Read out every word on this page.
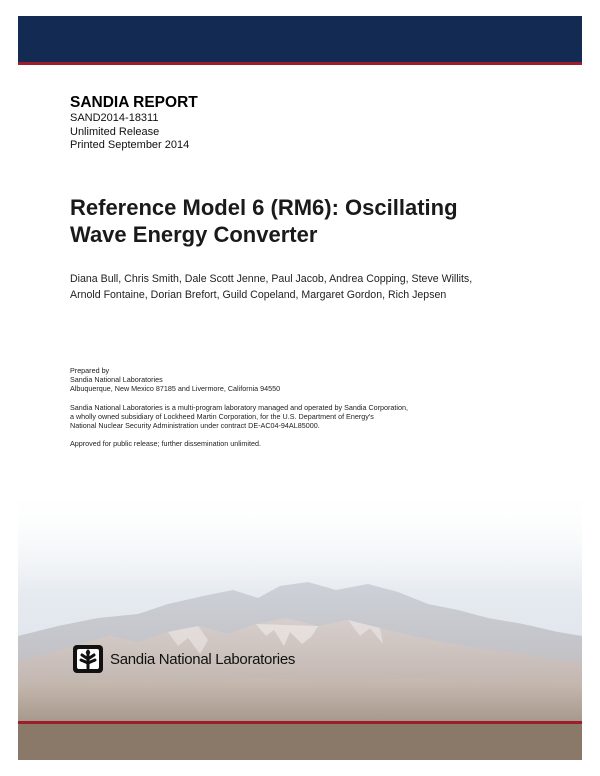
SANDIA REPORT
SAND2014-18311
Unlimited Release
Printed September 2014
Reference Model 6 (RM6): Oscillating
Wave Energy Converter
Diana Bull, Chris Smith, Dale Scott Jenne, Paul Jacob, Andrea Copping, Steve Willits,
Arnold Fontaine, Dorian Brefort, Guild Copeland, Margaret Gordon, Rich Jepsen

Prepared by
Sandia National Laboratories
Albuquerque, New Mexico 87185 and Livermore, California 94550

Sandia National Laboratories is a multi-program laboratory managed and operated by Sandia Corporation,
a wholly owned subsidiary of Lockheed Martin Corporation, for the U.S. Department of Energy's
National Nuclear Security Administration under contract DE-AC04-94AL85000.

Approved for public release; further dissemination unlimited.

Sandia National Laboratories
